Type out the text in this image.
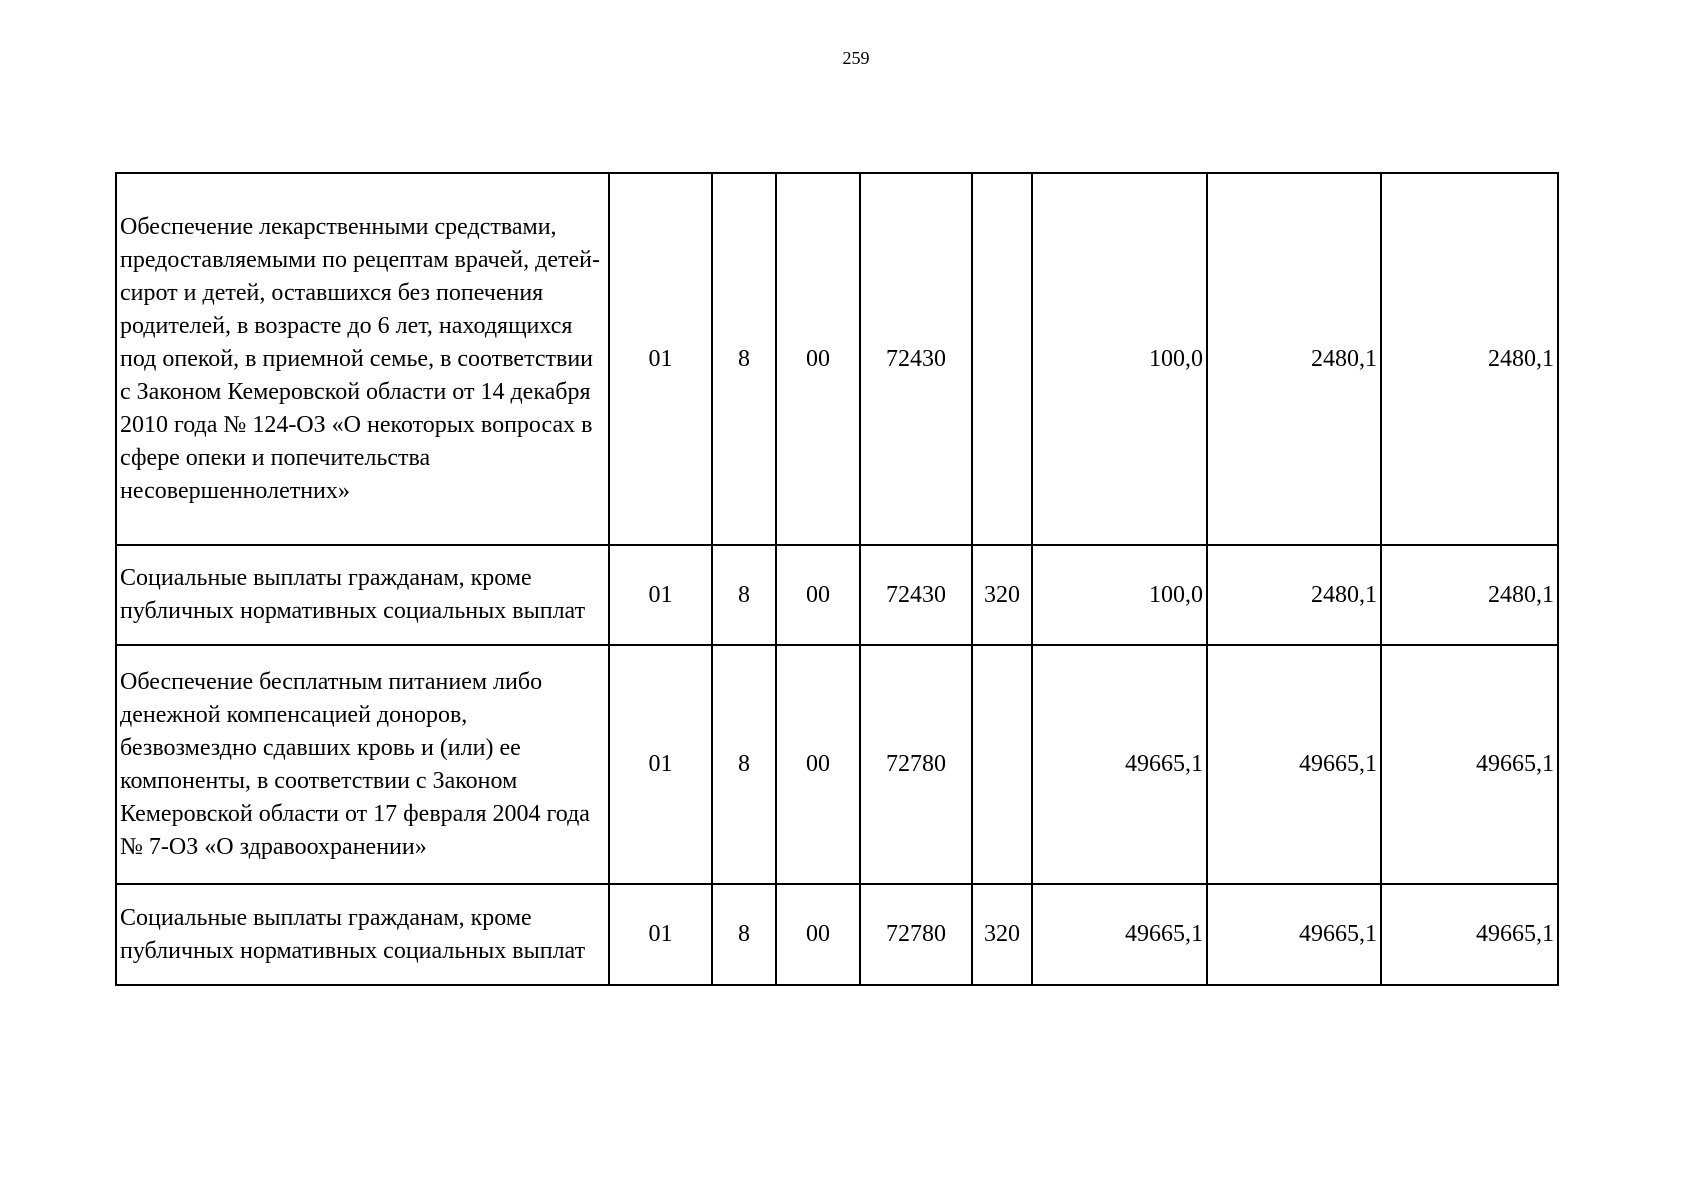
259
Обеспечение лекарственными средствами, предоставляемыми по рецептам врачей, детей-сирот и детей, оставшихся без попечения родителей, в возрасте до 6 лет, находящихся под опекой, в приемной семье, в соответствии с Законом Кемеровской области от 14 декабря 2010 года № 124-ОЗ «О некоторых вопросах в сфере опеки и попечительства несовершеннолетних»	01	8	00	72430		100,0	2480,1	2480,1
Социальные выплаты гражданам, кроме публичных нормативных социальных выплат	01	8	00	72430	320	100,0	2480,1	2480,1
Обеспечение бесплатным питанием либо денежной компенсацией доноров, безвозмездно сдавших кровь и (или) ее компоненты, в соответствии с Законом Кемеровской области от 17 февраля 2004 года № 7-ОЗ «О здравоохранении»	01	8	00	72780		49665,1	49665,1	49665,1
Социальные выплаты гражданам, кроме публичных нормативных социальных выплат	01	8	00	72780	320	49665,1	49665,1	49665,1
